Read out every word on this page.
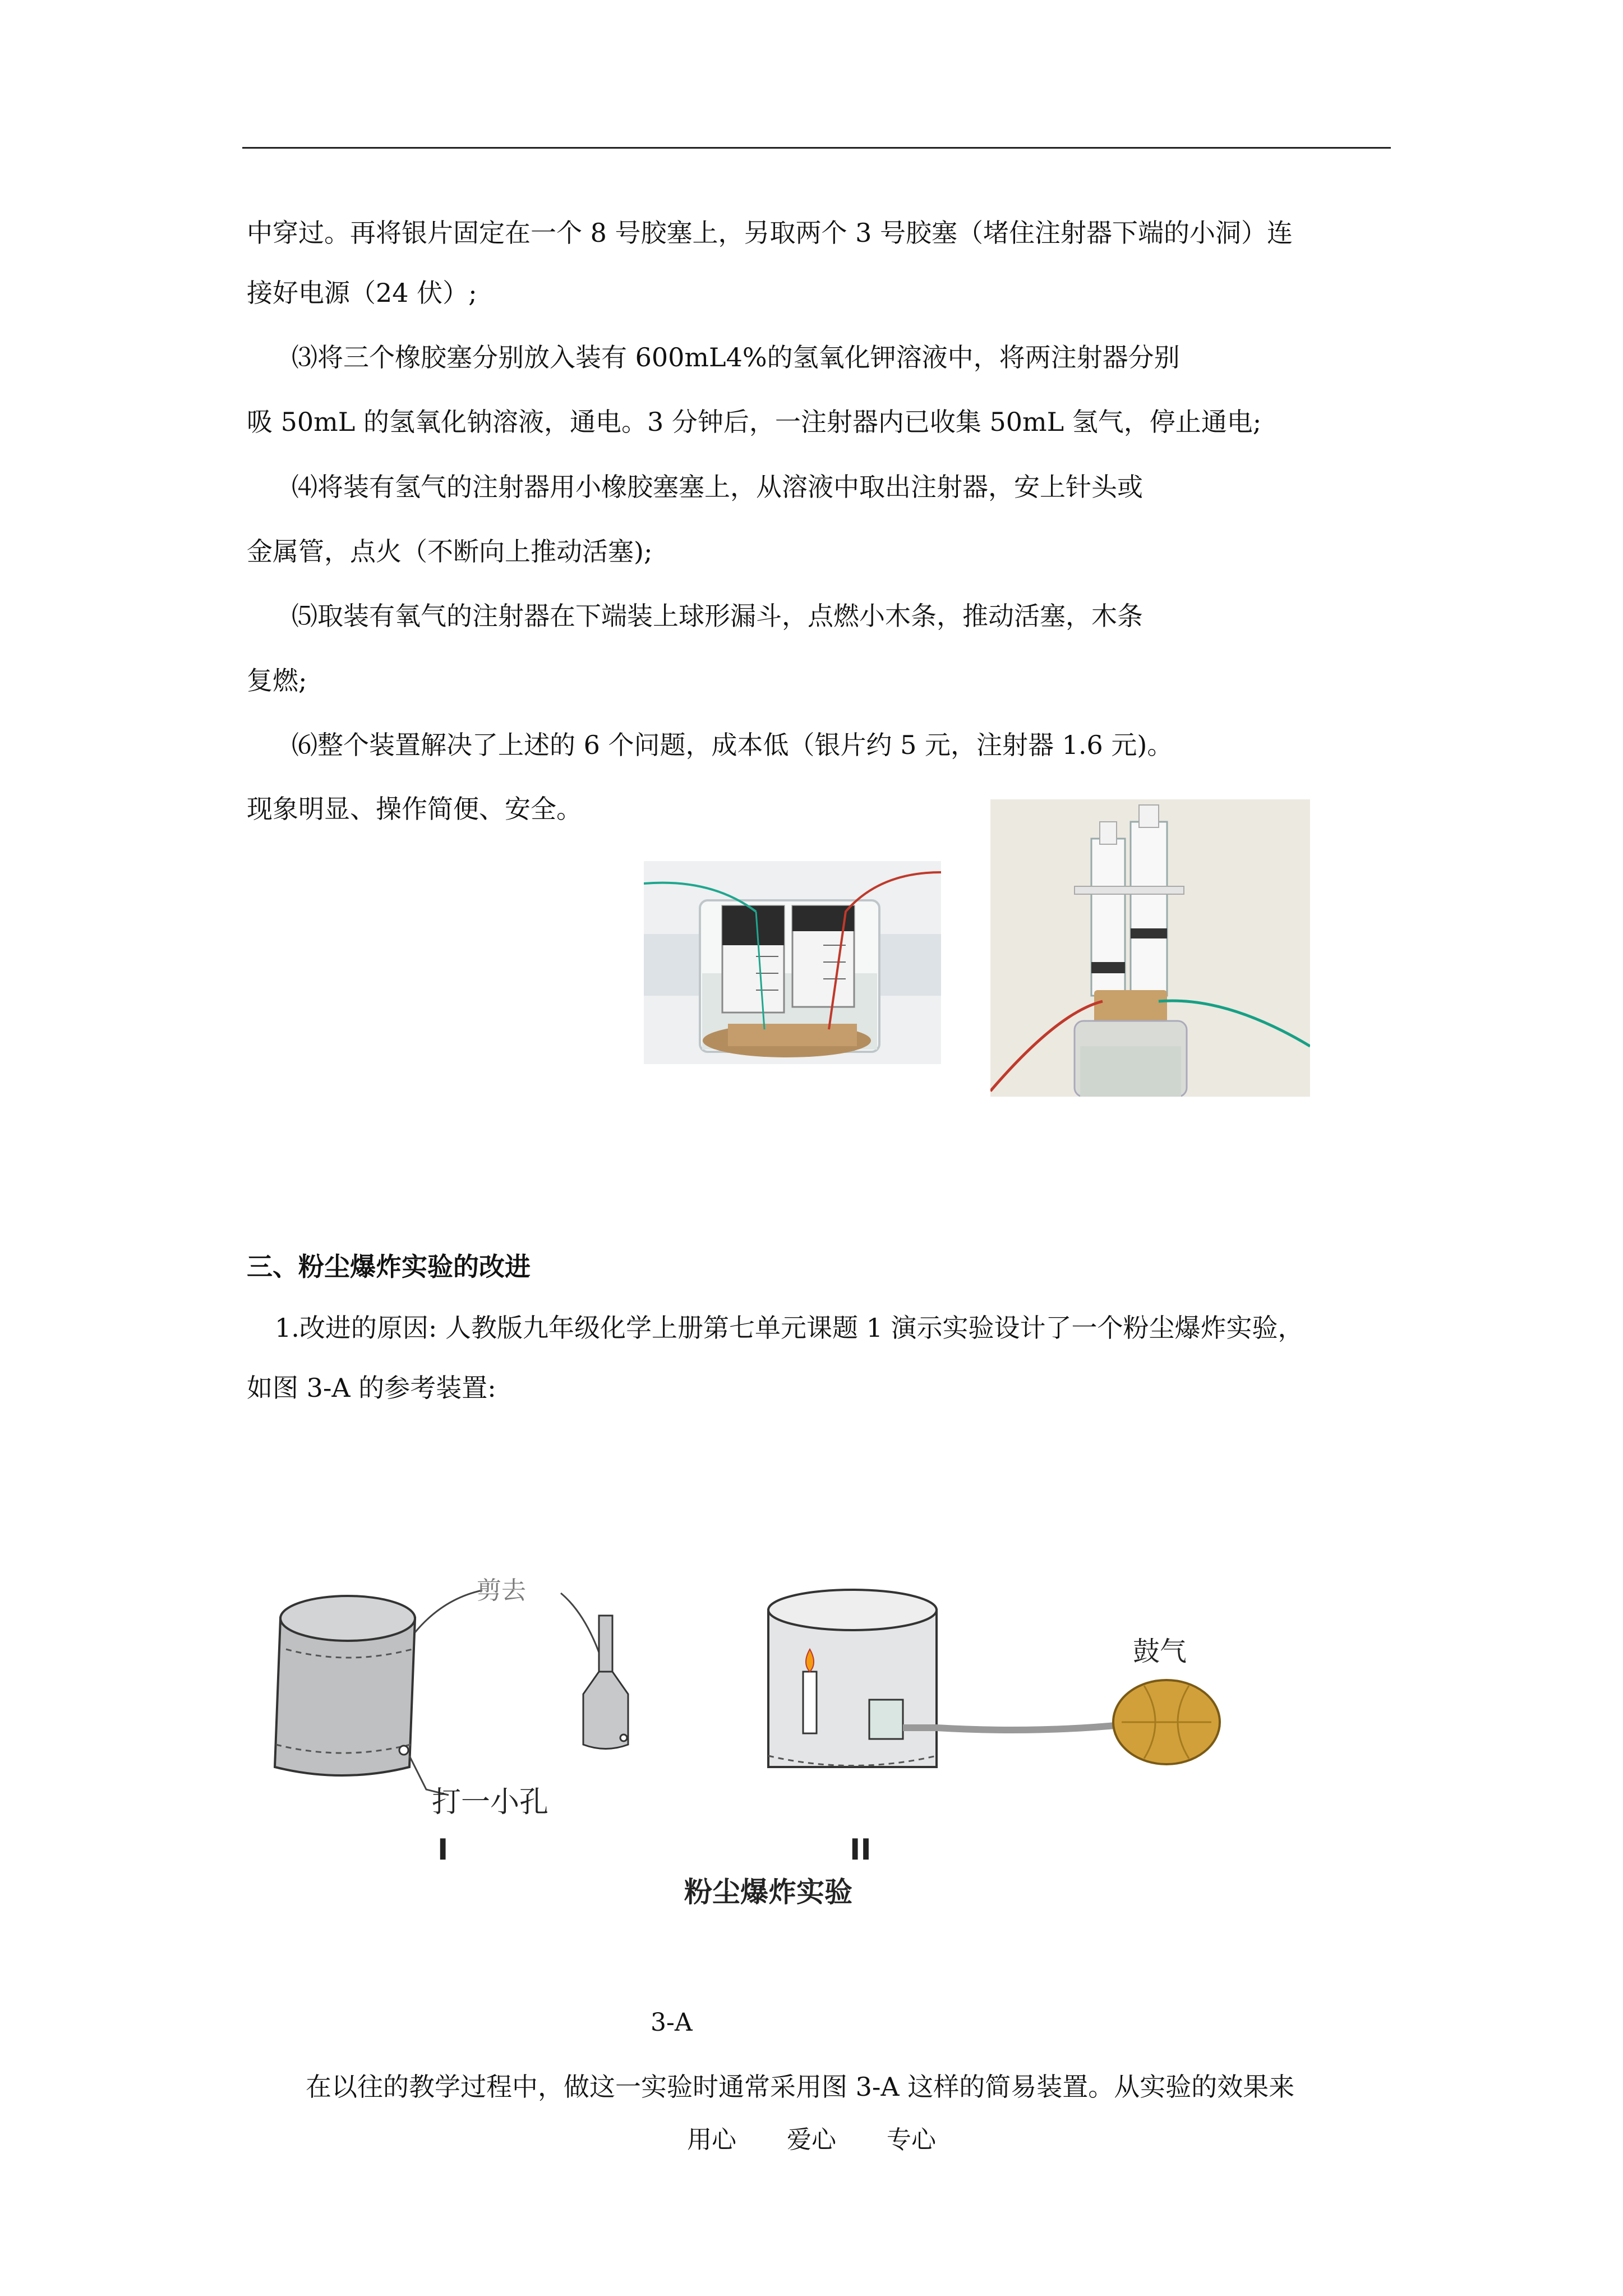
中穿过。再将银片固定在一个 8 号胶塞上，另取两个 3 号胶塞（堵住注射器下端的小洞）连
接好电源（24 伏）;
⑶将三个橡胶塞分别放入装有 600mL4%的氢氧化钾溶液中，将两注射器分别
吸 50mL 的氢氧化钠溶液，通电。3 分钟后，一注射器内已收集 50mL 氢气，停止通电;
⑷将装有氢气的注射器用小橡胶塞塞上，从溶液中取出注射器，安上针头或
金属管，点火（不断向上推动活塞);
⑸取装有氧气的注射器在下端装上球形漏斗，点燃小木条，推动活塞，木条
复燃;
⑹整个装置解决了上述的 6 个问题，成本低（银片约 5 元，注射器 1.6 元)。
现象明显、操作简便、安全。
三、粉尘爆炸实验的改进
1.改进的原因: 人教版九年级化学上册第七单元课题 1 演示实验设计了一个粉尘爆炸实验，
如图 3-A 的参考装置:
剪去
打一小孔
I
鼓气
II
粉尘爆炸实验
3-A
在以往的教学过程中，做这一实验时通常采用图 3-A 这样的简易装置。从实验的效果来
用心 爱心 专心
